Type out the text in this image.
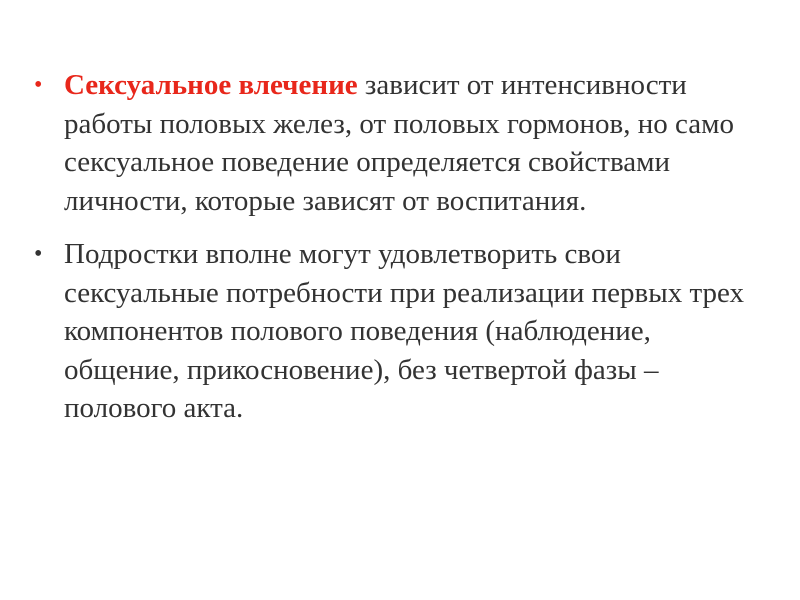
• Сексуальное влечение зависит от интенсивности работы половых желез, от половых гормонов, но само сексуальное поведение определяется свойствами личности, которые зависят от воспитания.
• Подростки вполне могут удовлетворить свои сексуальные потребности при реализации первых трех компонентов полового поведения (наблюдение, общение, прикосновение), без четвертой фазы – полового акта.
